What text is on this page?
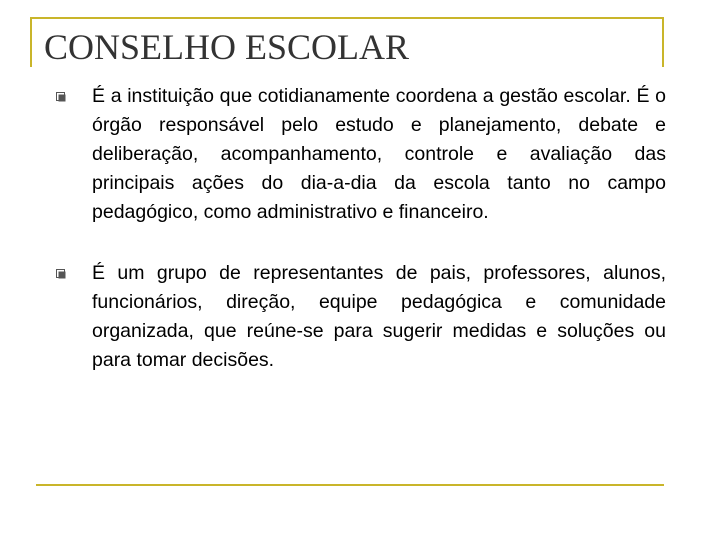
CONSELHO ESCOLAR
É a instituição que cotidianamente coordena a gestão escolar. É o órgão responsável pelo estudo e planejamento, debate e deliberação, acompanhamento, controle e avaliação das principais ações do dia-a-dia da escola tanto no campo pedagógico, como administrativo e financeiro.
É um grupo de representantes de pais, professores, alunos, funcionários, direção, equipe pedagógica e comunidade organizada, que reúne-se para sugerir medidas e soluções ou para tomar decisões.
